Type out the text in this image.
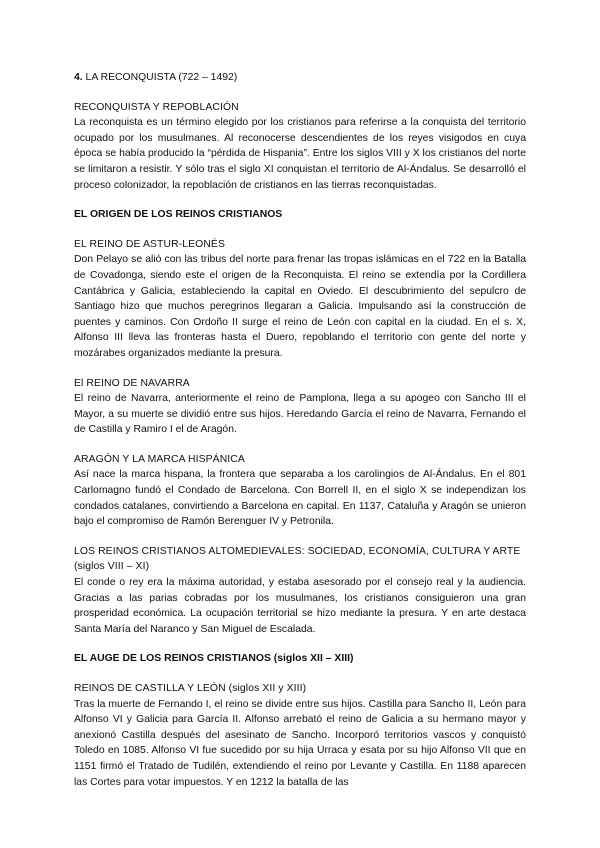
4. LA RECONQUISTA (722 – 1492)

RECONQUISTA Y REPOBLACIÓN

La reconquista es un término elegido por los cristianos para referirse a la conquista del territorio ocupado por los musulmanes. Al reconocerse descendientes de los reyes visigodos en cuya época se había producido la “pérdida de Hispania”. Entre los siglos VIII y X los cristianos del norte se limitaron a resistir. Y sólo tras el siglo XI conquistan el territorio de Al-Ándalus. Se desarrolló el proceso colonizador, la repoblación de cristianos en las tierras reconquistadas.

EL ORIGEN DE LOS REINOS CRISTIANOS

EL REINO DE ASTUR-LEONÉS

Don Pelayo se alió con las tribus del norte para frenar las tropas islámicas en el 722 en la Batalla de Covadonga, siendo este el origen de la Reconquista. El reino se extendía por la Cordillera Cantábrica y Galicia, estableciendo la capital en Oviedo. El descubrimiento del sepulcro de Santiago hizo que muchos peregrinos llegaran a Galicia. Impulsando así la construcción de puentes y caminos. Con Ordoño II surge el reino de León con capital en la ciudad. En el s. X, Alfonso III lleva las fronteras hasta el Duero, repoblando el territorio con gente del norte y mozárabes organizados mediante la presura.

El REINO DE NAVARRA

El reino de Navarra, anteriormente el reino de Pamplona, llega a su apogeo con Sancho III el Mayor, a su muerte se dividió entre sus hijos. Heredando García el reino de Navarra, Fernando el de Castilla y Ramiro I el de Aragón.

ARAGÓN Y LA MARCA HISPÁNICA

Así nace la marca hispana, la frontera que separaba a los carolingios de Al-Ándalus. En el 801 Carlomagno fundó el Condado de Barcelona. Con Borrell II, en el siglo X se independizan los condados catalanes, convirtiendo a Barcelona en capital. En 1137, Cataluña y Aragón se unieron bajo el compromiso de Ramón Berenguer IV y Petronila.

LOS REINOS CRISTIANOS ALTOMEDIEVALES: SOCIEDAD, ECONOMÍA, CULTURA Y ARTE (siglos VIII – XI)

El conde o rey era la máxima autoridad, y estaba asesorado por el consejo real y la audiencia. Gracias a las parias cobradas por los musulmanes, los cristianos consiguieron una gran prosperidad económica. La ocupación territorial se hizo mediante la presura. Y en arte destaca Santa María del Naranco y San Miguel de Escalada.

EL AUGE DE LOS REINOS CRISTIANOS (siglos XII – XIII)

REINOS DE CASTILLA Y LEÓN (siglos XII y XIII)

Tras la muerte de Fernando I, el reino se divide entre sus hijos. Castilla para Sancho II, León para Alfonso VI y Galicia para García II. Alfonso arrebató el reino de Galicia a su hermano mayor y anexionó Castilla después del asesinato de Sancho. Incorporó territorios vascos y conquistó Toledo en 1085. Alfonso VI fue sucedido por su hija Urraca y esata por su hijo Alfonso VII que en 1151 firmó el Tratado de Tudilén, extendiendo el reino por Levante y Castilla. En 1188 aparecen las Cortes para votar impuestos. Y en 1212 la batalla de las
